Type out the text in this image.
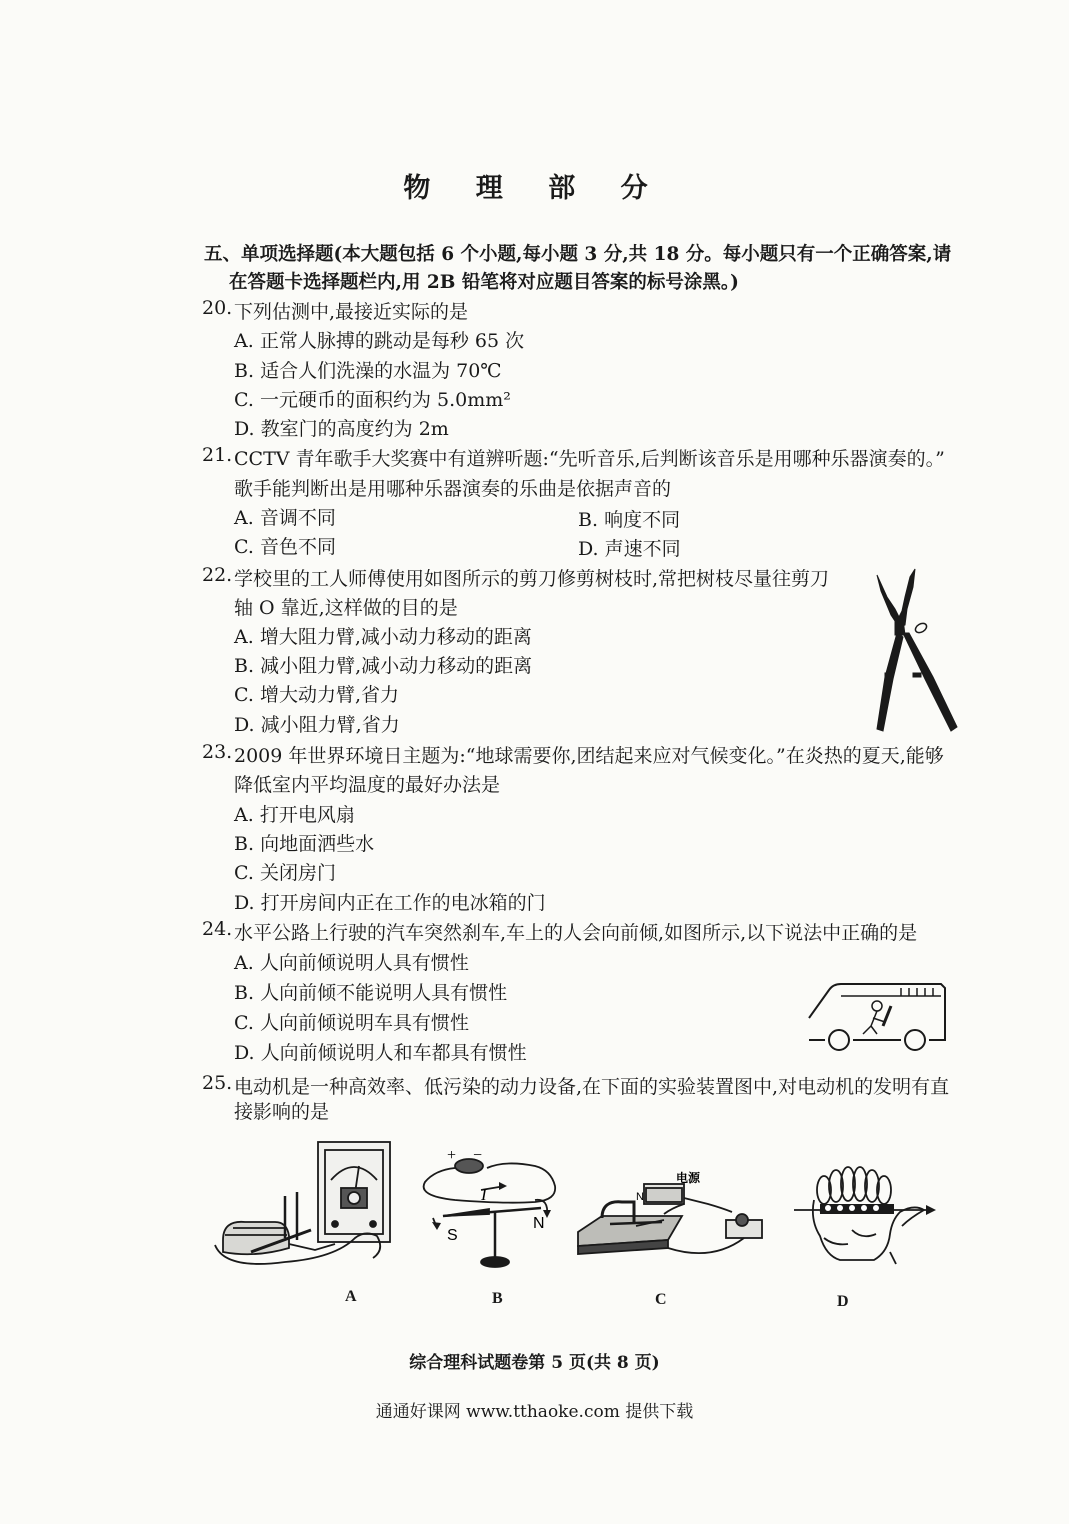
物 理 部 分
五、单项选择题(本大题包括 6 个小题,每小题 3 分,共 18 分。每小题只有一个正确答案,请
在答题卡选择题栏内,用 2B 铅笔将对应题目答案的标号涂黑。)
20. 下列估测中,最接近实际的是
A. 正常人脉搏的跳动是每秒 65 次
B. 适合人们洗澡的水温为 70℃
C. 一元硬币的面积约为 5.0mm²
D. 教室门的高度约为 2m
21. CCTV 青年歌手大奖赛中有道辨听题:“先听音乐,后判断该音乐是用哪种乐器演奏的。”
歌手能判断出是用哪种乐器演奏的乐曲是依据声音的
A. 音调不同	B. 响度不同
C. 音色不同	D. 声速不同
22. 学校里的工人师傅使用如图所示的剪刀修剪树枝时,常把树枝尽量往剪刀
轴 O 靠近,这样做的目的是
A. 增大阻力臂,减小动力移动的距离
B. 减小阻力臂,减小动力移动的距离
C. 增大动力臂,省力
D. 减小阻力臂,省力
23. 2009 年世界环境日主题为:“地球需要你,团结起来应对气候变化。”在炎热的夏天,能够
降低室内平均温度的最好办法是
A. 打开电风扇
B. 向地面洒些水
C. 关闭房门
D. 打开房间内正在工作的电冰箱的门
24. 水平公路上行驶的汽车突然刹车,车上的人会向前倾,如图所示,以下说法中正确的是
A. 人向前倾说明人具有惯性
B. 人向前倾不能说明人具有惯性
C. 人向前倾说明车具有惯性
D. 人向前倾说明人和车都具有惯性
25. 电动机是一种高效率、低污染的动力设备,在下面的实验装置图中,对电动机的发明有直
接影响的是
A
+ −
I
S
N
B
电源
N
C	D
综合理科试题卷第 5 页(共 8 页)
通通好课网 www.tthaoke.com 提供下载
